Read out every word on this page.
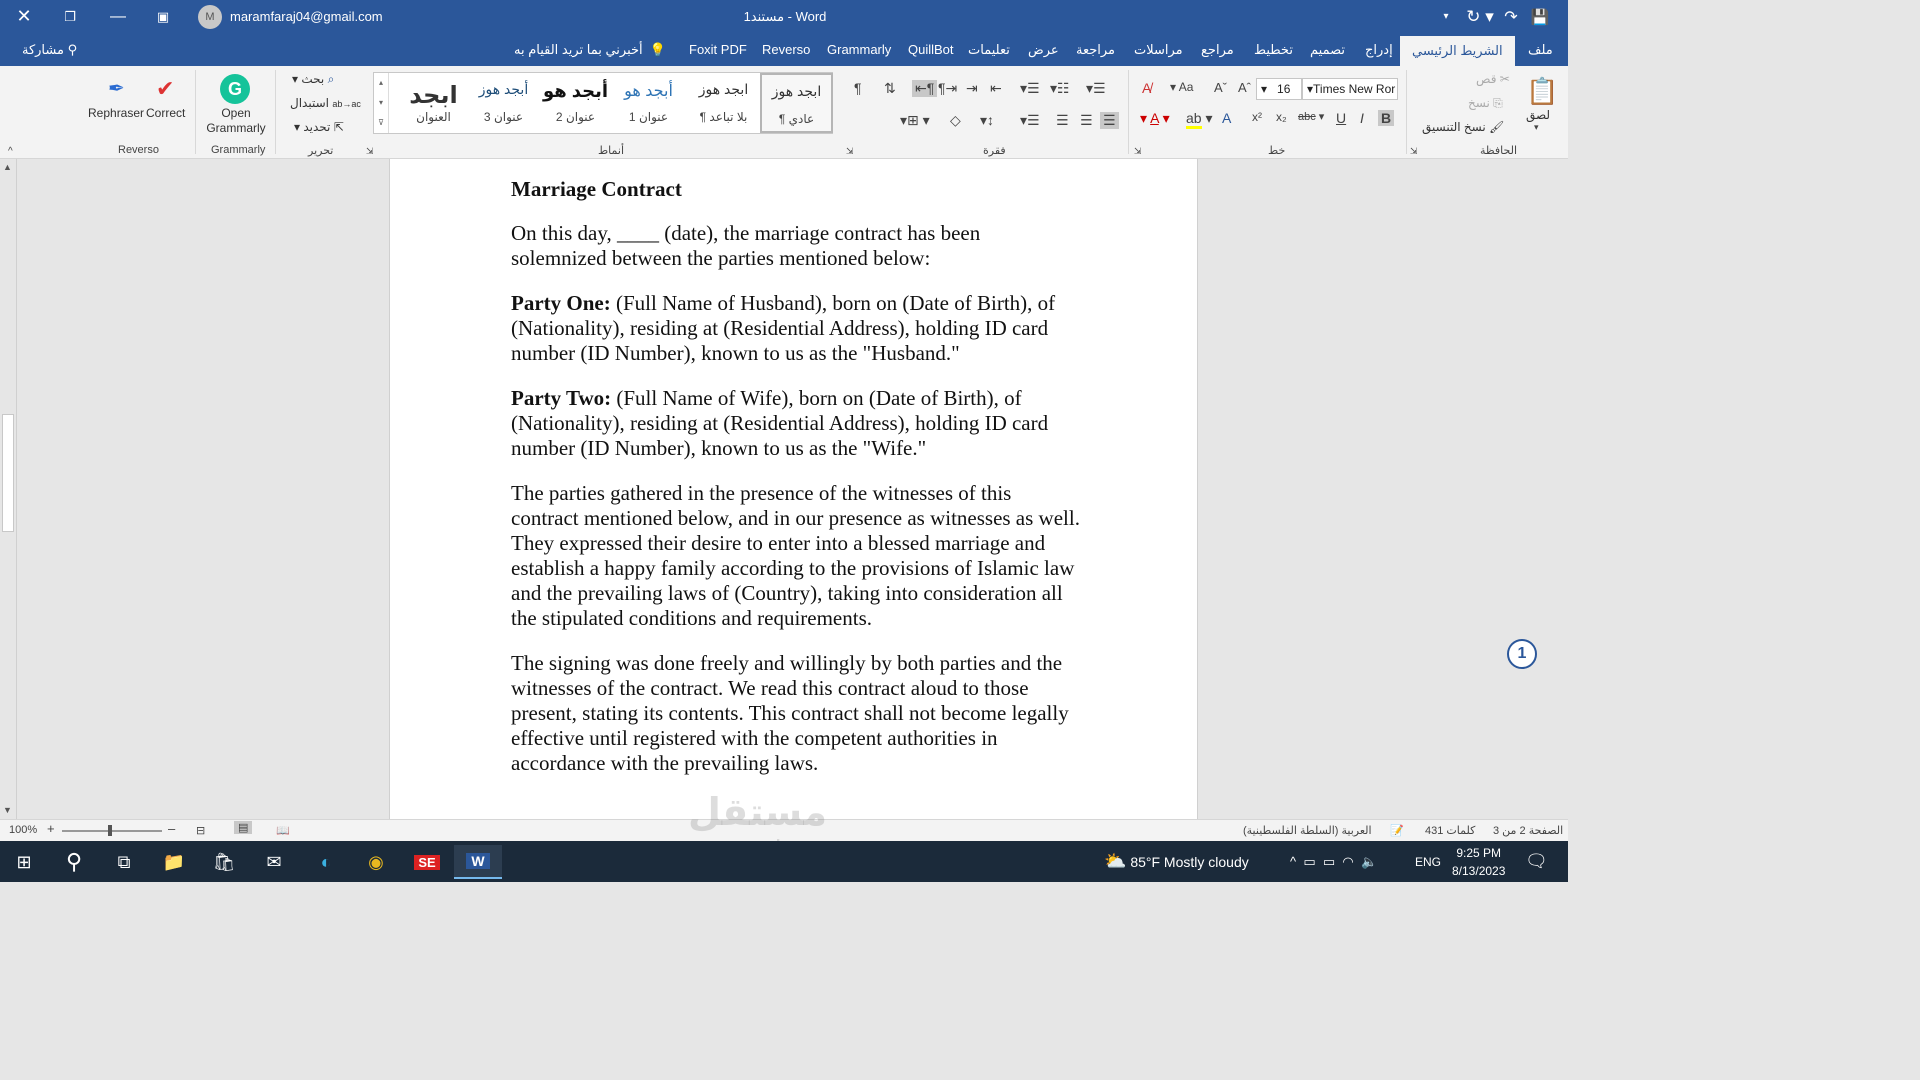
✕	❐	—	▣	M	maramfaraj04@gmail.com	مستند1 - Word	▾	↻ ▾ ↷ 💾
مشاركة
⚲	أخبرني بما تريد القيام به
💡 Foxit PDF Reverso Grammarly QuillBot تعليمات عرض مراجعة مراسلات مراجع تخطيط تصميم إدراج	الشريط الرئيسي	ملف
✒ ✔
Rephraser Correct
Reverso
G
Open Grammarly
Grammarly
▾ بحث ⌕
استبدال ab→ac
▾ تحديد ⇱
تحرير	⇲
▴
▾
⊽
ابجد
العنوان
أبجد هوز
عنوان 3
أبجد هو
عنوان 2
أبجد هو
عنوان 1
ابجد هوز
¶ بلا تباعد
ابجد هوز
¶ عادي
أنماط	⇲
¶ ⇅ ⇤¶ ¶⇥ ⇥ ⇤ ▾☰ ▾☷ ▾☰
▾⊞ ▾ ◇ ▾↕ ▾☰ ☰ ☰ ☰
فقرة	⇲
A̸ ▾ Aa Aˇ Aˆ ▾ 16	▾ Times New Ror
▾ A ▾ ab ▾ A x² x₂ abc ▾ U I B
خط	⇲
قص ✂
نسخ ⎘
نسخ التنسيق 🖌
📋
لصق
▾
الحافظة
^
▲
▼
Marriage Contract

On this day, ____ (date), the marriage contract has been solemnized between the parties mentioned below:

Party One: (Full Name of Husband), born on (Date of Birth), of (Nationality), residing at (Residential Address), holding ID card number (ID Number), known to us as the "Husband."

Party Two: (Full Name of Wife), born on (Date of Birth), of (Nationality), residing at (Residential Address), holding ID card number (ID Number), known to us as the "Wife."

The parties gathered in the presence of the witnesses of this contract mentioned below, and in our presence as witnesses as well. They expressed their desire to enter into a blessed marriage and establish a happy family according to the provisions of Islamic law and the prevailing laws of (Country), taking into consideration all the stipulated conditions and requirements.

The signing was done freely and willingly by both parties and the witnesses of the contract. We read this contract aloud to those present, stating its contents. This contract shall not become legally effective until registered with the competent authorities in accordance with the prevailing laws.

1
100% +	– ⊟	▤	📖	العربية (السلطة الفلسطينية) 📝 431 كلمات الصفحة 2 من 3
مستقل
⊞	⚲	⧉	📁	🛍	✉	◐	◉	SE	W	⛅
85°F Mostly cloudy	^
▭
▭
◠
🔈	ENG
9:25 PM
8/13/2023 🗨
